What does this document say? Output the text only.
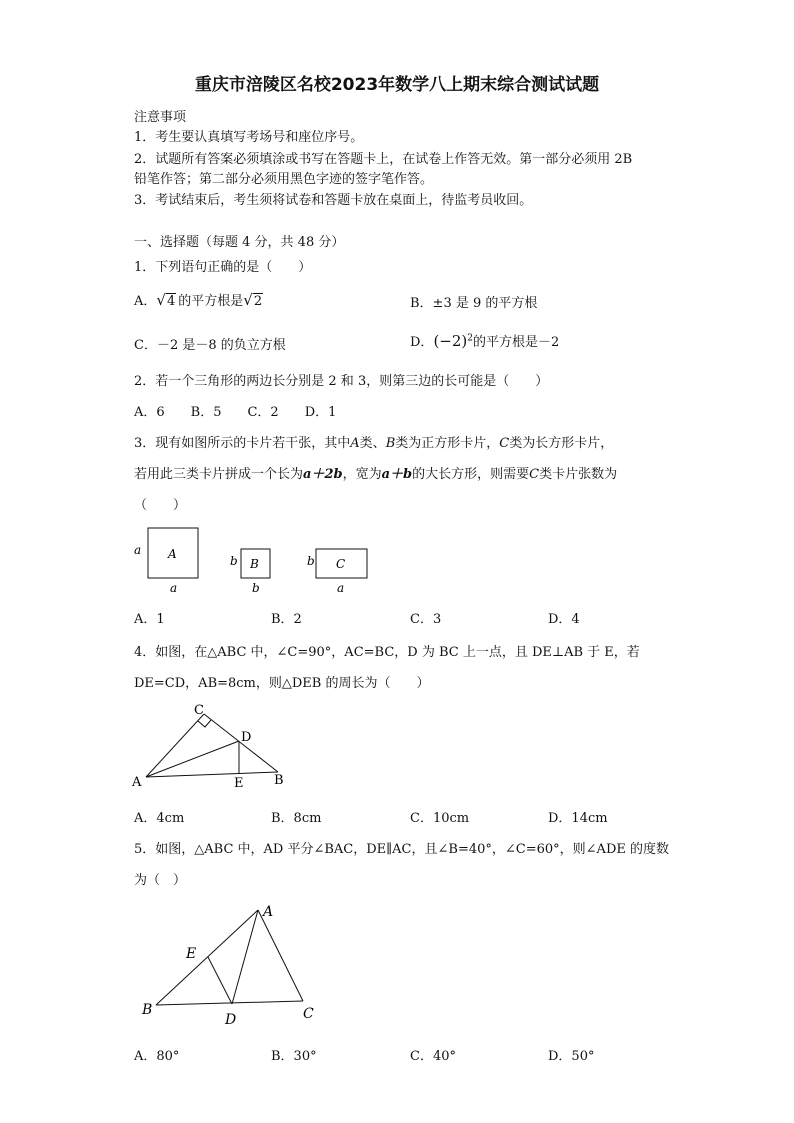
重庆市涪陵区名校2023年数学八上期末综合测试试题
注意事项
1．考生要认真填写考场号和座位序号。
2．试题所有答案必须填涂或书写在答题卡上，在试卷上作答无效。第一部分必须用 2B
铅笔作答；第二部分必须用黑色字迹的签字笔作答。
3．考试结束后，考生须将试卷和答题卡放在桌面上，待监考员收回。
一、选择题（每题 4 分，共 48 分）
1．下列语句正确的是（　　）
A．√4 的平方根是√2	B．±3 是 9 的平方根
C．－2 是－8 的负立方根	D．$(-2)^2$的平方根是－2
2．若一个三角形的两边长分别是 2 和 3，则第三边的长可能是（　　）
A．6　　B．5　　C．2　　D．1
3．现有如图所示的卡片若干张，其中A类、B类为正方形卡片，C类为长方形卡片，
若用此三类卡片拼成一个长为a＋2b，宽为a＋b的大长方形，则需要C类卡片张数为
（　　）
a A
a
b B
b
b C
a
A．1	B．2	C．3	D．4
4．如图，在△ABC 中，∠C=90°，AC=BC，D 为 BC 上一点，且 DE⊥AB 于 E，若
DE=CD，AB=8cm，则△DEB 的周长为（　　）
C
D
A	E B
A．4cm	B．8cm	C．10cm	D．14cm
5．如图，△ABC 中，AD 平分∠BAC，DE∥AC，且∠B=40°，∠C=60°，则∠ADE 的度数
为（　）
A
E
B
D	C
A．80°	B．30°	C．40°	D．50°
